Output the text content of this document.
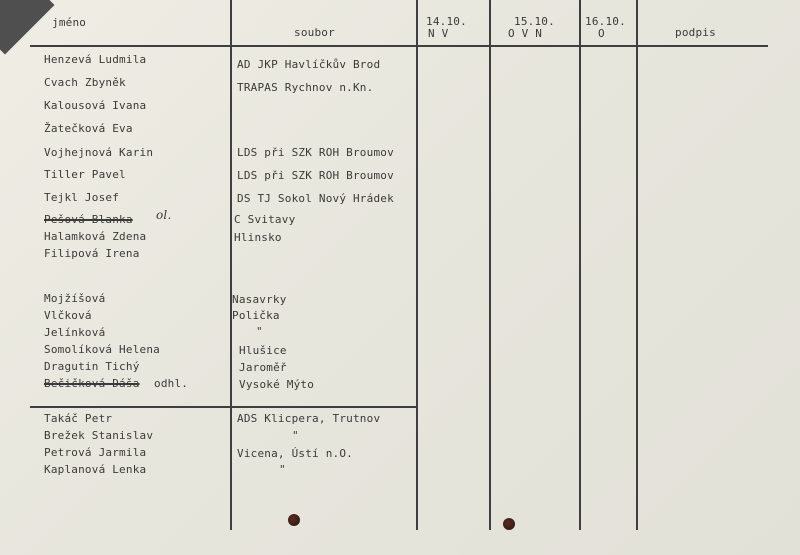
jméno
soubor
14.10.
N V
15.10.
O V N
16.10.
O	podpis
Henzevá Ludmila
Cvach Zbyněk
Kalousová Ivana
Žatečková Eva
Vojhejnová Karin
Tiller Pavel
Tejkl Josef
Pešová Blanka ol.
Halamková Zdena
Filipová Irena
Mojžíšová
Vlčková
Jelínková
Somolíková Helena
Dragutin Tichý
Bečičková Dáša odhl.
Takáč Petr
Brežek Stanislav
Petrová Jarmila
Kaplanová Lenka
AD JKP Havlíčkův Brod
TRAPAS Rychnov n.Kn.
LDS při SZK ROH Broumov
LDS při SZK ROH Broumov
DS TJ Sokol Nový Hrádek
C Svitavy
Hlinsko
Nasavrky
Polička
"
Hlušice
Jaroměř
Vysoké Mýto
ADS Klicpera, Trutnov
"
Vicena, Ústí n.O.
"
